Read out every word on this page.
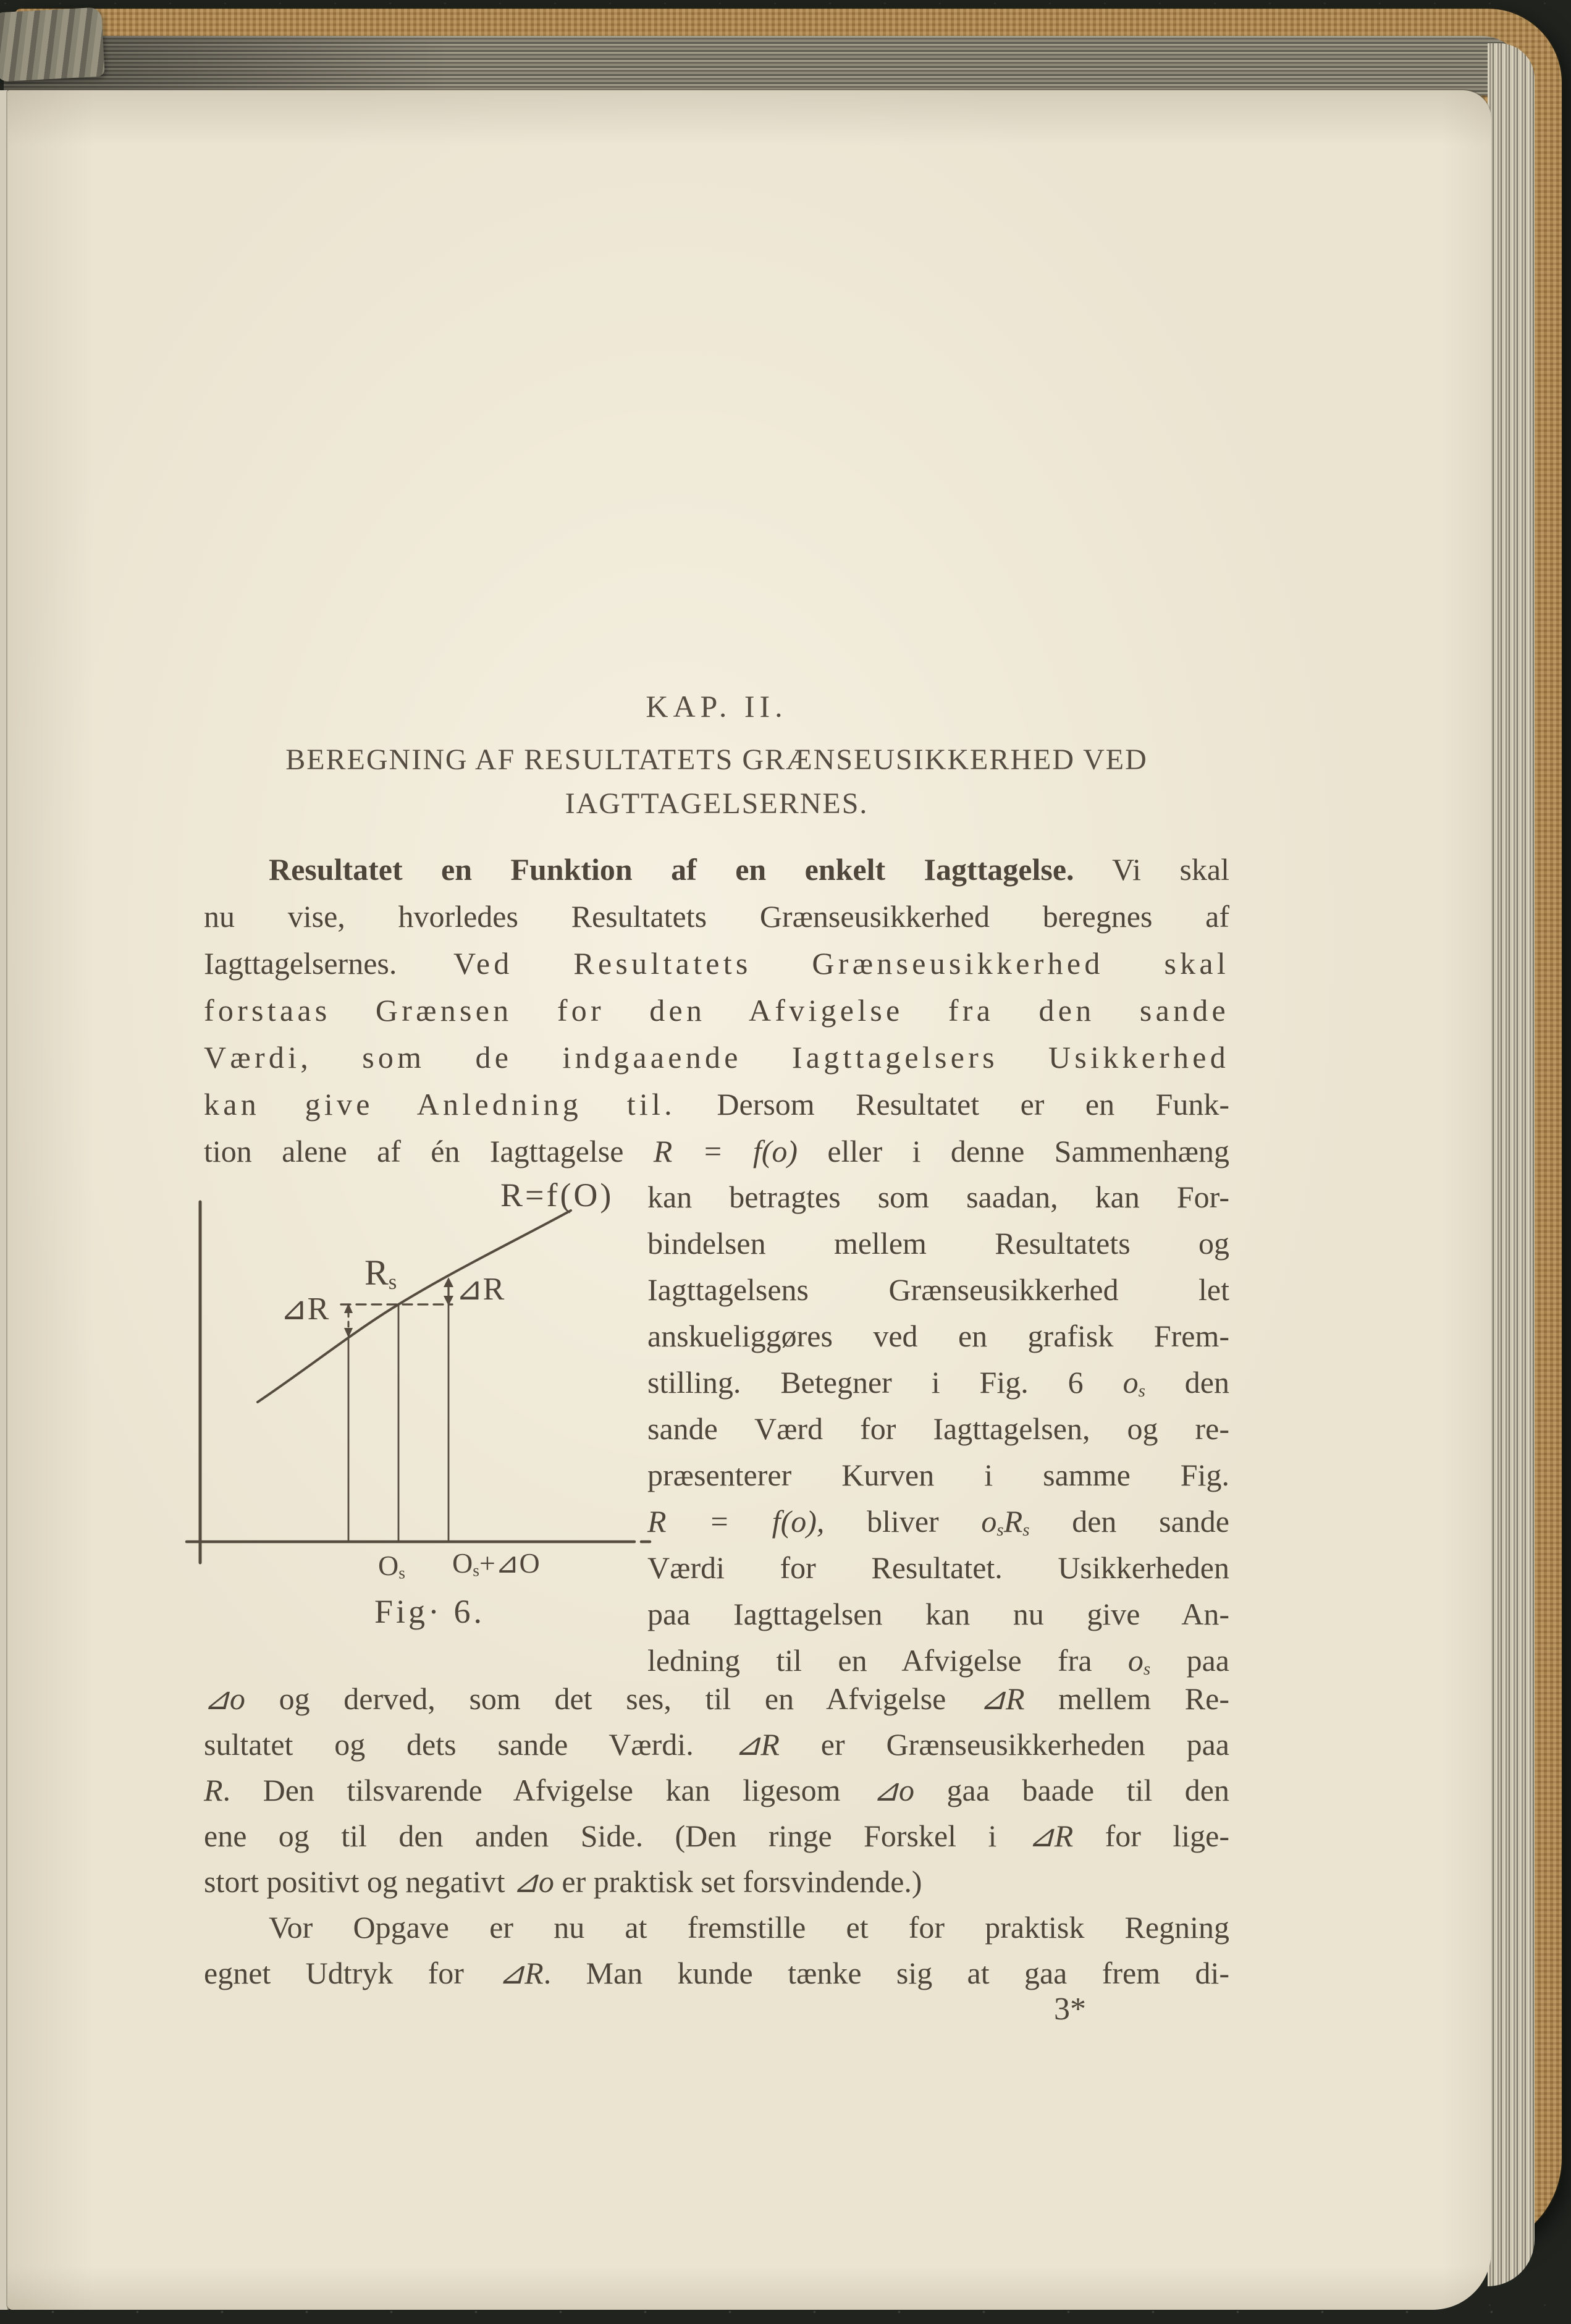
KAP. II.
BEREGNING AF RESULTATETS GRÆNSEUSIKKERHED VED
IAGTTAGELSERNES.
Resultatet en Funktion af en enkelt Iagttagelse. Vi skal
nu vise, hvorledes Resultatets Grænseusikkerhed beregnes af
Iagttagelsernes. Ved Resultatets Grænseusikkerhed skal
forstaas Grænsen for den Afvigelse fra den sande
Værdi, som de indgaaende Iagttagelsers Usikkerhed
kan give Anledning til. Dersom Resultatet er en Funk-
tion alene af én Iagttagelse R = f(o) eller i denne Sammenhæng
R=f(O)
Rs
⊿R
⊿R
Os Os+⊿O
Fig· 6.
kan betragtes som saadan, kan For-
bindelsen mellem Resultatets og
Iagttagelsens Grænseusikkerhed let
anskueliggøres ved en grafisk Frem-
stilling. Betegner i Fig. 6 os den
sande Værd for Iagttagelsen, og re-
præsenterer Kurven i samme Fig.
R = f(o), bliver osRs den sande
Værdi for Resultatet. Usikkerheden
paa Iagttagelsen kan nu give An-
ledning til en Afvigelse fra os paa
⊿o og derved, som det ses, til en Afvigelse ⊿R mellem Re-
sultatet og dets sande Værdi. ⊿R er Grænseusikkerheden paa
R. Den tilsvarende Afvigelse kan ligesom ⊿o gaa baade til den
ene og til den anden Side. (Den ringe Forskel i ⊿R for lige-
stort positivt og negativt ⊿o er praktisk set forsvindende.)
Vor Opgave er nu at fremstille et for praktisk Regning
egnet Udtryk for ⊿R. Man kunde tænke sig at gaa frem di-
3*
